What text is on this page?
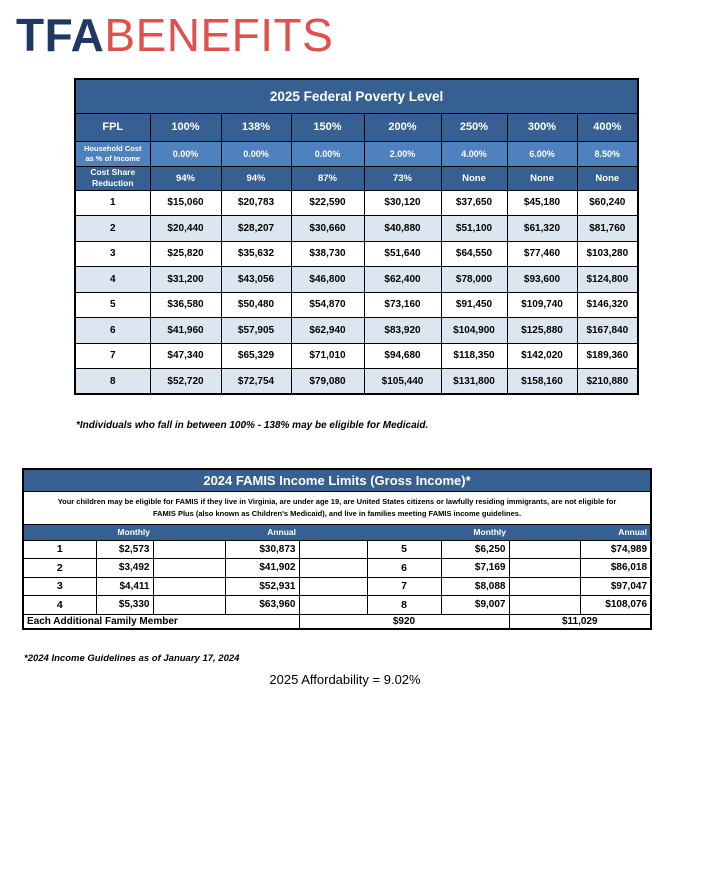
TFABENEFITS
2025 Federal Poverty Level							
FPL	100%	138%	150%	200%	250%	300%	400%
Household Cost as % of Income	0.00%	0.00%	0.00%	2.00%	4.00%	6.00%	8.50%
Cost Share Reduction	94%	94%	87%	73%	None	None	None
1	$15,060	$20,783	$22,590	$30,120	$37,650	$45,180	$60,240
2	$20,440	$28,207	$30,660	$40,880	$51,100	$61,320	$81,760
3	$25,820	$35,632	$38,730	$51,640	$64,550	$77,460	$103,280
4	$31,200	$43,056	$46,800	$62,400	$78,000	$93,600	$124,800
5	$36,580	$50,480	$54,870	$73,160	$91,450	$109,740	$146,320
6	$41,960	$57,905	$62,940	$83,920	$104,900	$125,880	$167,840
7	$47,340	$65,329	$71,010	$94,680	$118,350	$142,020	$189,360
8	$52,720	$72,754	$79,080	$105,440	$131,800	$158,160	$210,880
*Individuals who fall in between 100% - 138% may be eligible for Medicaid.
2024 FAMIS Income Limits (Gross Income)*								
Your children may be eligible for FAMIS if they live in Virginia, are under age 19, are United States citizens or lawfully residing immigrants, are not eligible for FAMIS Plus (also known as Children's Medicaid), and live in families meeting FAMIS income guidelines.								
	Monthly		Annual			Monthly		Annual
1	$2,573		$30,873		5	$6,250		$74,989
2	$3,492		$41,902		6	$7,169		$86,018
3	$4,411		$52,931		7	$8,088		$97,047
4	$5,330		$63,960		8	$9,007		$108,076
Each Additional Family Member				$920			$11,029	
*2024 Income Guidelines as of January 17, 2024
2025 Affordability = 9.02%
